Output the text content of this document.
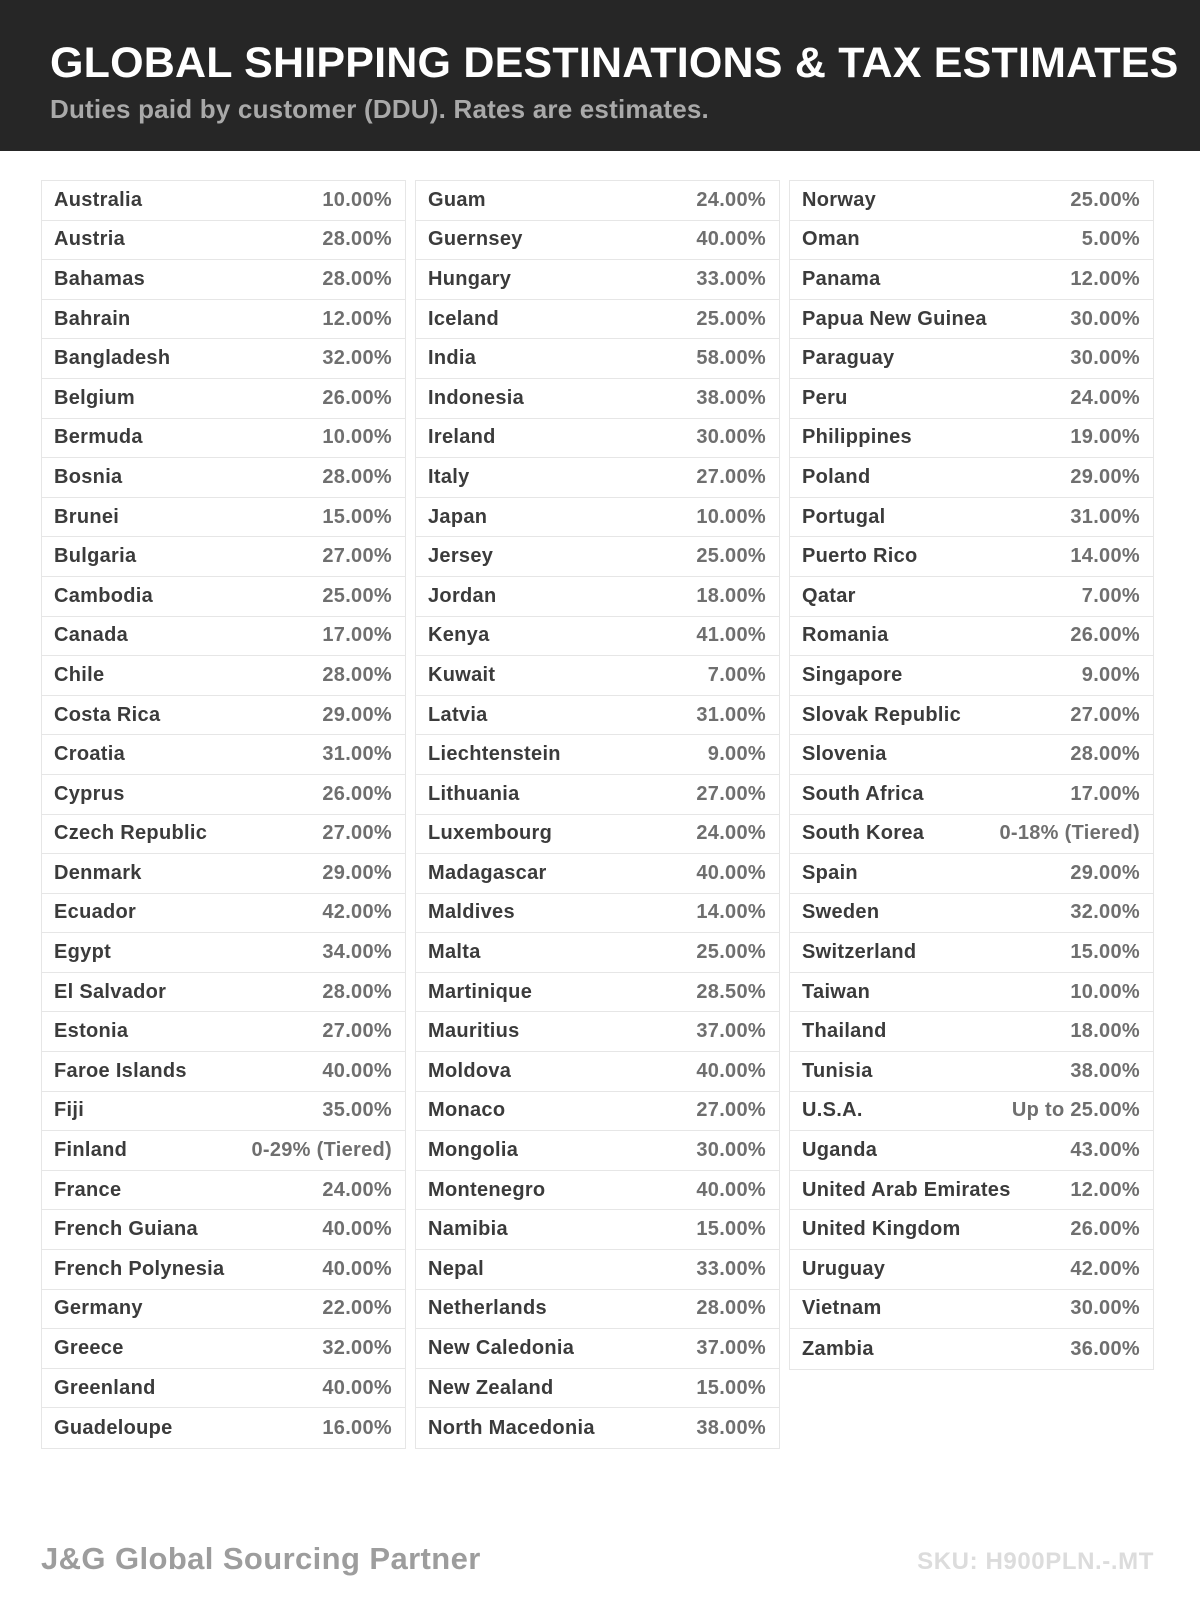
GLOBAL SHIPPING DESTINATIONS & TAX ESTIMATES

Duties paid by customer (DDU). Rates are estimates.

Australia	10.00%
Austria	28.00%
Bahamas	28.00%
Bahrain	12.00%
Bangladesh	32.00%
Belgium	26.00%
Bermuda	10.00%
Bosnia	28.00%
Brunei	15.00%
Bulgaria	27.00%
Cambodia	25.00%
Canada	17.00%
Chile	28.00%
Costa Rica	29.00%
Croatia	31.00%
Cyprus	26.00%
Czech Republic	27.00%
Denmark	29.00%
Ecuador	42.00%
Egypt	34.00%
El Salvador	28.00%
Estonia	27.00%
Faroe Islands	40.00%
Fiji	35.00%
Finland	0-29% (Tiered)
France	24.00%
French Guiana	40.00%
French Polynesia	40.00%
Germany	22.00%
Greece	32.00%
Greenland	40.00%
Guadeloupe	16.00%
Guam	24.00%
Guernsey	40.00%
Hungary	33.00%
Iceland	25.00%
India	58.00%
Indonesia	38.00%
Ireland	30.00%
Italy	27.00%
Japan	10.00%
Jersey	25.00%
Jordan	18.00%
Kenya	41.00%
Kuwait	7.00%
Latvia	31.00%
Liechtenstein	9.00%
Lithuania	27.00%
Luxembourg	24.00%
Madagascar	40.00%
Maldives	14.00%
Malta	25.00%
Martinique	28.50%
Mauritius	37.00%
Moldova	40.00%
Monaco	27.00%
Mongolia	30.00%
Montenegro	40.00%
Namibia	15.00%
Nepal	33.00%
Netherlands	28.00%
New Caledonia	37.00%
New Zealand	15.00%
North Macedonia	38.00%
Norway	25.00%
Oman	5.00%
Panama	12.00%
Papua New Guinea	30.00%
Paraguay	30.00%
Peru	24.00%
Philippines	19.00%
Poland	29.00%
Portugal	31.00%
Puerto Rico	14.00%
Qatar	7.00%
Romania	26.00%
Singapore	9.00%
Slovak Republic	27.00%
Slovenia	28.00%
South Africa	17.00%
South Korea	0-18% (Tiered)
Spain	29.00%
Sweden	32.00%
Switzerland	15.00%
Taiwan	10.00%
Thailand	18.00%
Tunisia	38.00%
U.S.A.	Up to 25.00%
Uganda	43.00%
United Arab Emirates	12.00%
United Kingdom	26.00%
Uruguay	42.00%
Vietnam	30.00%
Zambia	36.00%
J&G Global Sourcing Partner	SKU: H900PLN.-.MT
